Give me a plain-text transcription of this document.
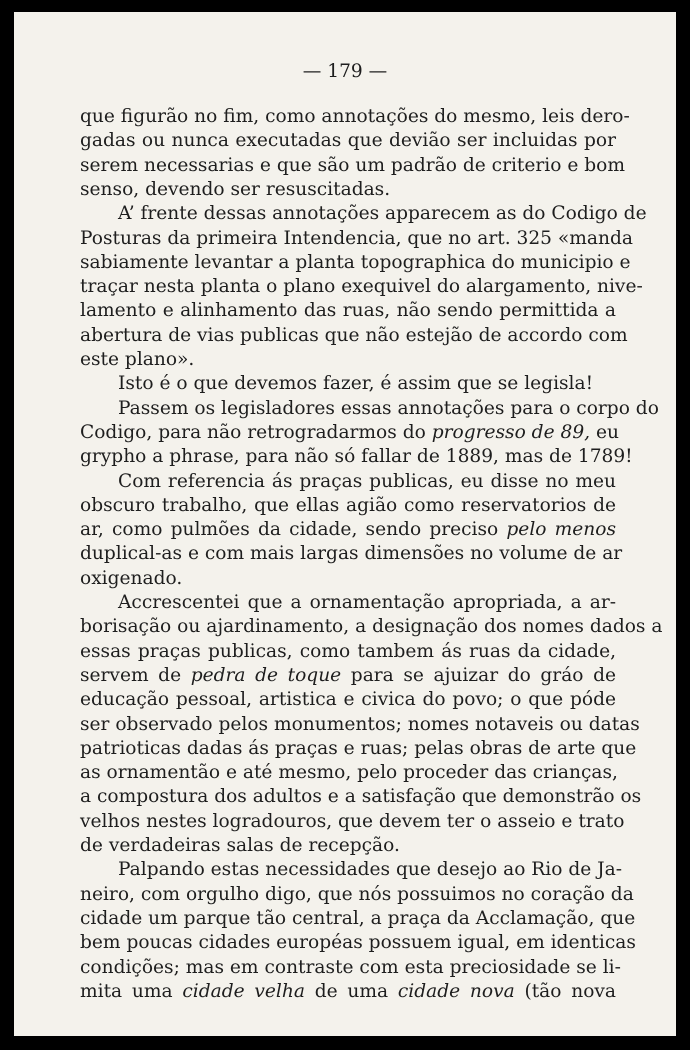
— 179 —
que figurão no fim, como annotações do mesmo, leis dero-
gadas ou nunca executadas que devião ser incluidas por
serem necessarias e que são um padrão de criterio e bom
senso, devendo ser resuscitadas.
A’ frente dessas annotações apparecem as do Codigo de
Posturas da primeira Intendencia, que no art. 325 «manda
sabiamente levantar a planta topographica do municipio e
traçar nesta planta o plano exequivel do alargamento, nive-
lamento e alinhamento das ruas, não sendo permittida a
abertura de vias publicas que não estejão de accordo com
este plano».
Isto é o que devemos fazer, é assim que se legisla!
Passem os legisladores essas annotações para o corpo do
Codigo, para não retrogradarmos do progresso de 89, eu
grypho a phrase, para não só fallar de 1889, mas de 1789!
Com referencia ás praças publicas, eu disse no meu
obscuro trabalho, que ellas agião como reservatorios de
ar, como pulmões da cidade, sendo preciso pelo menos
duplical-as e com mais largas dimensões no volume de ar
oxigenado.
Accrescentei que a ornamentação apropriada, a ar-
borisação ou ajardinamento, a designação dos nomes dados a
essas praças publicas, como tambem ás ruas da cidade,
servem de pedra de toque para se ajuizar do gráo de
educação pessoal, artistica e civica do povo; o que póde
ser observado pelos monumentos; nomes notaveis ou datas
patrioticas dadas ás praças e ruas; pelas obras de arte que
as ornamentão e até mesmo, pelo proceder das crianças,
a compostura dos adultos e a satisfação que demonstrão os
velhos nestes logradouros, que devem ter o asseio e trato
de verdadeiras salas de recepção.
Palpando estas necessidades que desejo ao Rio de Ja-
neiro, com orgulho digo, que nós possuimos no coração da
cidade um parque tão central, a praça da Acclamação, que
bem poucas cidades européas possuem igual, em identicas
condições; mas em contraste com esta preciosidade se li-
mita uma cidade velha de uma cidade nova (tão nova
